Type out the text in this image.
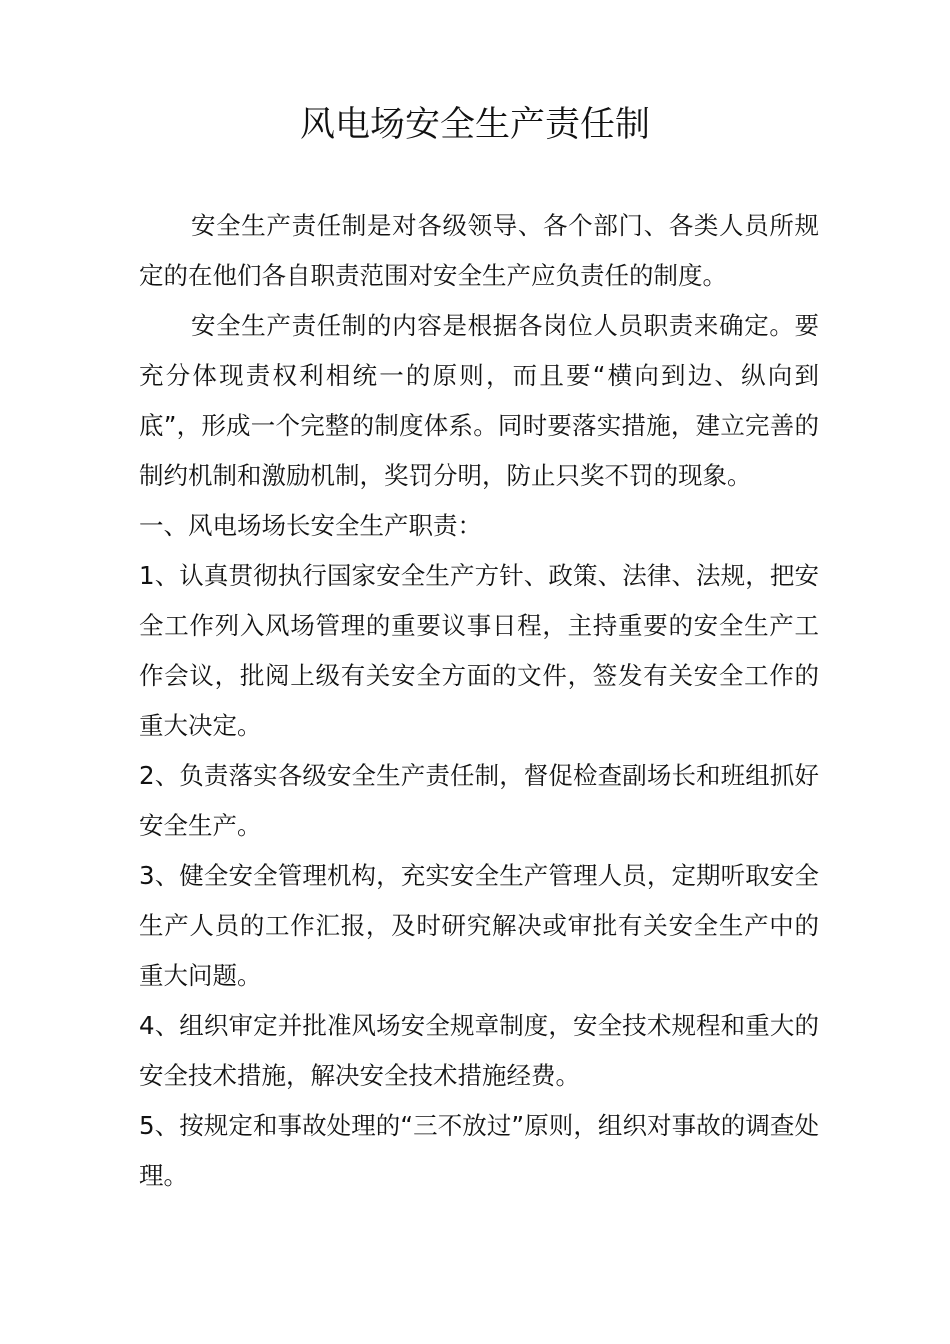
风电场安全生产责任制

安全生产责任制是对各级领导、各个部门、各类人员所规定的在他们各自职责范围对安全生产应负责任的制度。

安全生产责任制的内容是根据各岗位人员职责来确定。要充分体现责权利相统一的原则，而且要“横向到边、纵向到底”，形成一个完整的制度体系。同时要落实措施，建立完善的制约机制和激励机制，奖罚分明，防止只奖不罚的现象。

一、风电场场长安全生产职责：

1、认真贯彻执行国家安全生产方针、政策、法律、法规，把安全工作列入风场管理的重要议事日程，主持重要的安全生产工作会议，批阅上级有关安全方面的文件，签发有关安全工作的重大决定。

2、负责落实各级安全生产责任制，督促检查副场长和班组抓好安全生产。

3、健全安全管理机构，充实安全生产管理人员，定期听取安全生产人员的工作汇报，及时研究解决或审批有关安全生产中的重大问题。

4、组织审定并批准风场安全规章制度，安全技术规程和重大的安全技术措施，解决安全技术措施经费。

5、按规定和事故处理的“三不放过”原则，组织对事故的调查处理。
